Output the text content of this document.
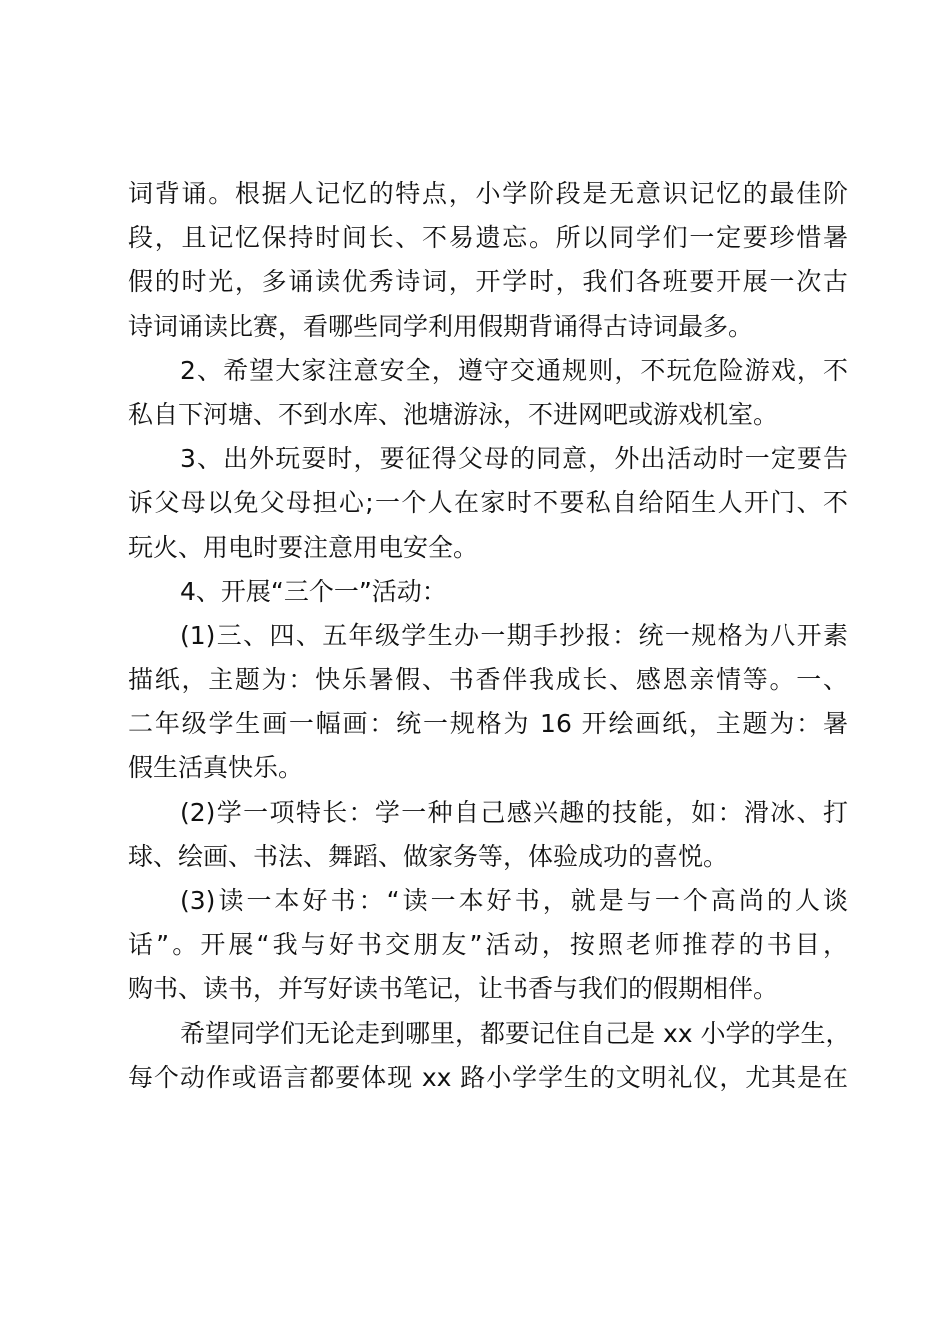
词背诵。根据人记忆的特点，小学阶段是无意识记忆的最佳阶
段，且记忆保持时间长、不易遗忘。所以同学们一定要珍惜暑
假的时光，多诵读优秀诗词，开学时，我们各班要开展一次古
诗词诵读比赛，看哪些同学利用假期背诵得古诗词最多。
2、希望大家注意安全，遵守交通规则，不玩危险游戏，不
私自下河塘、不到水库、池塘游泳，不进网吧或游戏机室。
3、出外玩耍时，要征得父母的同意，外出活动时一定要告
诉父母以免父母担心;一个人在家时不要私自给陌生人开门、不
玩火、用电时要注意用电安全。
4、开展“三个一”活动：
(1)三、四、五年级学生办一期手抄报：统一规格为八开素
描纸，主题为：快乐暑假、书香伴我成长、感恩亲情等。一、
二年级学生画一幅画：统一规格为 16 开绘画纸，主题为：暑
假生活真快乐。
(2)学一项特长：学一种自己感兴趣的技能，如：滑冰、打
球、绘画、书法、舞蹈、做家务等，体验成功的喜悦。
(3)读一本好书：“读一本好书，就是与一个高尚的人谈
话”。开展“我与好书交朋友”活动，按照老师推荐的书目，
购书、读书，并写好读书笔记，让书香与我们的假期相伴。
希望同学们无论走到哪里，都要记住自己是 xx 小学的学生，
每个动作或语言都要体现 xx 路小学学生的文明礼仪，尤其是在
